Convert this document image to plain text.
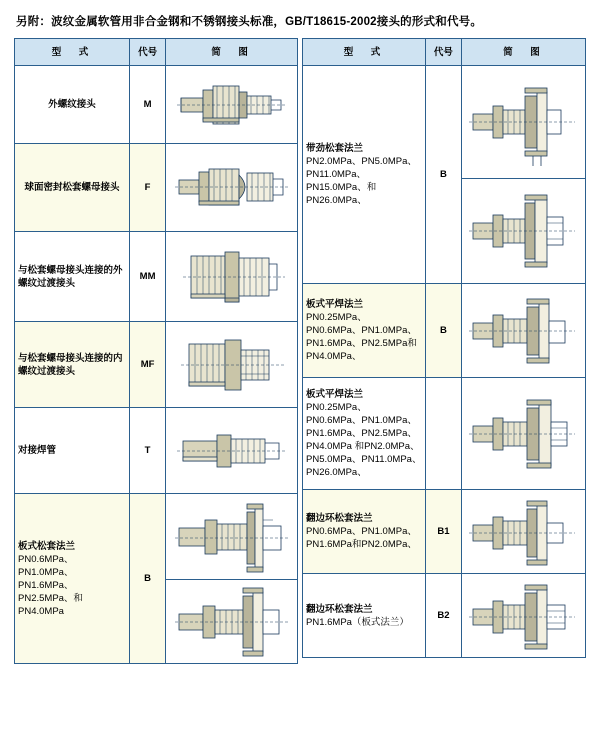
另附：波纹金属软管用非合金钢和不锈钢接头标准，GB/T18615-2002接头的形式和代号。
型　式	代号	简　图

外螺纹接头	M	

球面密封松套螺母接头	F	

与松套螺母接头连接的外螺纹过渡接头	MM	

与松套螺母接头连接的内螺纹过渡接头	MF	

对接焊管	T	

板式松套法兰
PN0.6MPa、PN1.0MPa、PN1.6MPa、PN2.5MPa、和PN4.0MPa	B	

型　式	代号	简　图

带劲松套法兰
PN2.0MPa、PN5.0MPa、PN11.0MPa、PN15.0MPa、和PN26.0MPa、	B	

板式平焊法兰
PN0.25MPa、PN0.6MPa、PN1.0MPa、PN1.6MPa、PN2.5MPa和PN4.0MPa、	B	

板式平焊法兰
PN0.25MPa、PN0.6MPa、PN1.0MPa、PN1.6MPa、PN2.5MPa、PN4.0MPa 和PN2.0MPa、PN5.0MPa、PN11.0MPa、PN26.0MPa、

翻边环松套法兰
PN0.6MPa、PN1.0MPa、PN1.6MPa和PN2.0MPa、	B1	

翻边环松套法兰
PN1.6MPa（板式法兰）	B2	
